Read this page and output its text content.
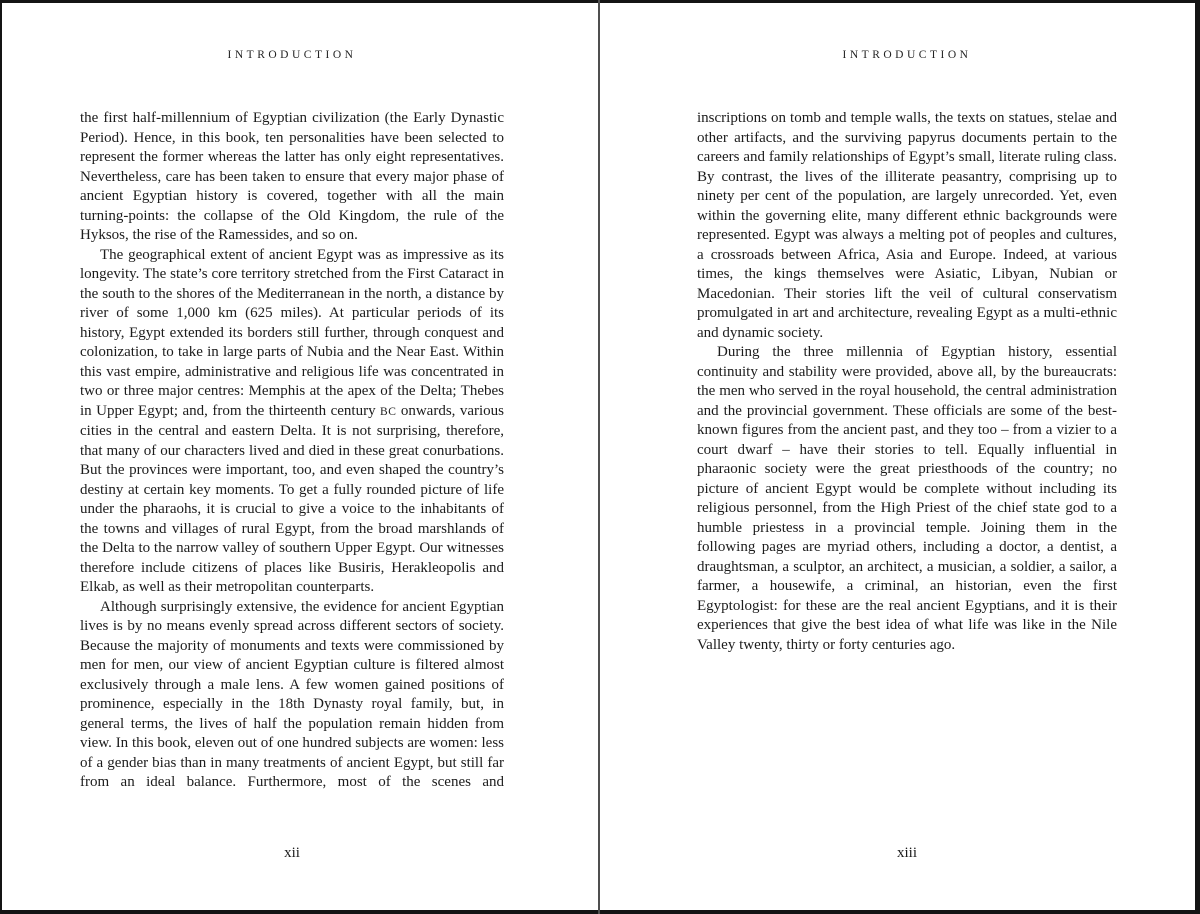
INTRODUCTION

the first half-millennium of Egyptian civilization (the Early Dynastic Period). Hence, in this book, ten personalities have been selected to represent the former whereas the latter has only eight representatives. Nevertheless, care has been taken to ensure that every major phase of ancient Egyptian history is covered, together with all the main turning-points: the collapse of the Old Kingdom, the rule of the Hyksos, the rise of the Ramessides, and so on.

The geographical extent of ancient Egypt was as impressive as its longevity. The state’s core territory stretched from the First Cataract in the south to the shores of the Mediterranean in the north, a distance by river of some 1,000 km (625 miles). At particular periods of its history, Egypt extended its borders still further, through conquest and colonization, to take in large parts of Nubia and the Near East. Within this vast empire, administrative and religious life was concentrated in two or three major centres: Memphis at the apex of the Delta; Thebes in Upper Egypt; and, from the thirteenth century BC onwards, various cities in the central and eastern Delta. It is not surprising, therefore, that many of our characters lived and died in these great conurbations. But the provinces were important, too, and even shaped the country’s destiny at certain key moments. To get a fully rounded picture of life under the pharaohs, it is crucial to give a voice to the inhabitants of the towns and villages of rural Egypt, from the broad marshlands of the Delta to the narrow valley of southern Upper Egypt. Our witnesses therefore include citizens of places like Busiris, Herakleopolis and Elkab, as well as their metropolitan counterparts.

Although surprisingly extensive, the evidence for ancient Egyptian lives is by no means evenly spread across different sectors of society. Because the majority of monuments and texts were commissioned by men for men, our view of ancient Egyptian culture is filtered almost exclusively through a male lens. A few women gained positions of prominence, especially in the 18th Dynasty royal family, but, in general terms, the lives of half the population remain hidden from view. In this book, eleven out of one hundred subjects are women: less of a gender bias than in many treatments of ancient Egypt, but still far from an ideal balance. Furthermore, most of the scenes and

xii
INTRODUCTION

inscriptions on tomb and temple walls, the texts on statues, stelae and other artifacts, and the surviving papyrus documents pertain to the careers and family relationships of Egypt’s small, literate ruling class. By contrast, the lives of the illiterate peasantry, comprising up to ninety per cent of the population, are largely unrecorded. Yet, even within the governing elite, many different ethnic backgrounds were represented. Egypt was always a melting pot of peoples and cultures, a crossroads between Africa, Asia and Europe. Indeed, at various times, the kings themselves were Asiatic, Libyan, Nubian or Macedonian. Their stories lift the veil of cultural conservatism promulgated in art and architecture, revealing Egypt as a multi-ethnic and dynamic society.

During the three millennia of Egyptian history, essential continuity and stability were provided, above all, by the bureaucrats: the men who served in the royal household, the central administration and the provincial government. These officials are some of the best-known figures from the ancient past, and they too – from a vizier to a court dwarf – have their stories to tell. Equally influential in pharaonic society were the great priesthoods of the country; no picture of ancient Egypt would be complete without including its religious personnel, from the High Priest of the chief state god to a humble priestess in a provincial temple. Joining them in the following pages are myriad others, including a doctor, a dentist, a draughtsman, a sculptor, an architect, a musician, a soldier, a sailor, a farmer, a housewife, a criminal, an historian, even the first Egyptologist: for these are the real ancient Egyptians, and it is their experiences that give the best idea of what life was like in the Nile Valley twenty, thirty or forty centuries ago.

xiii
